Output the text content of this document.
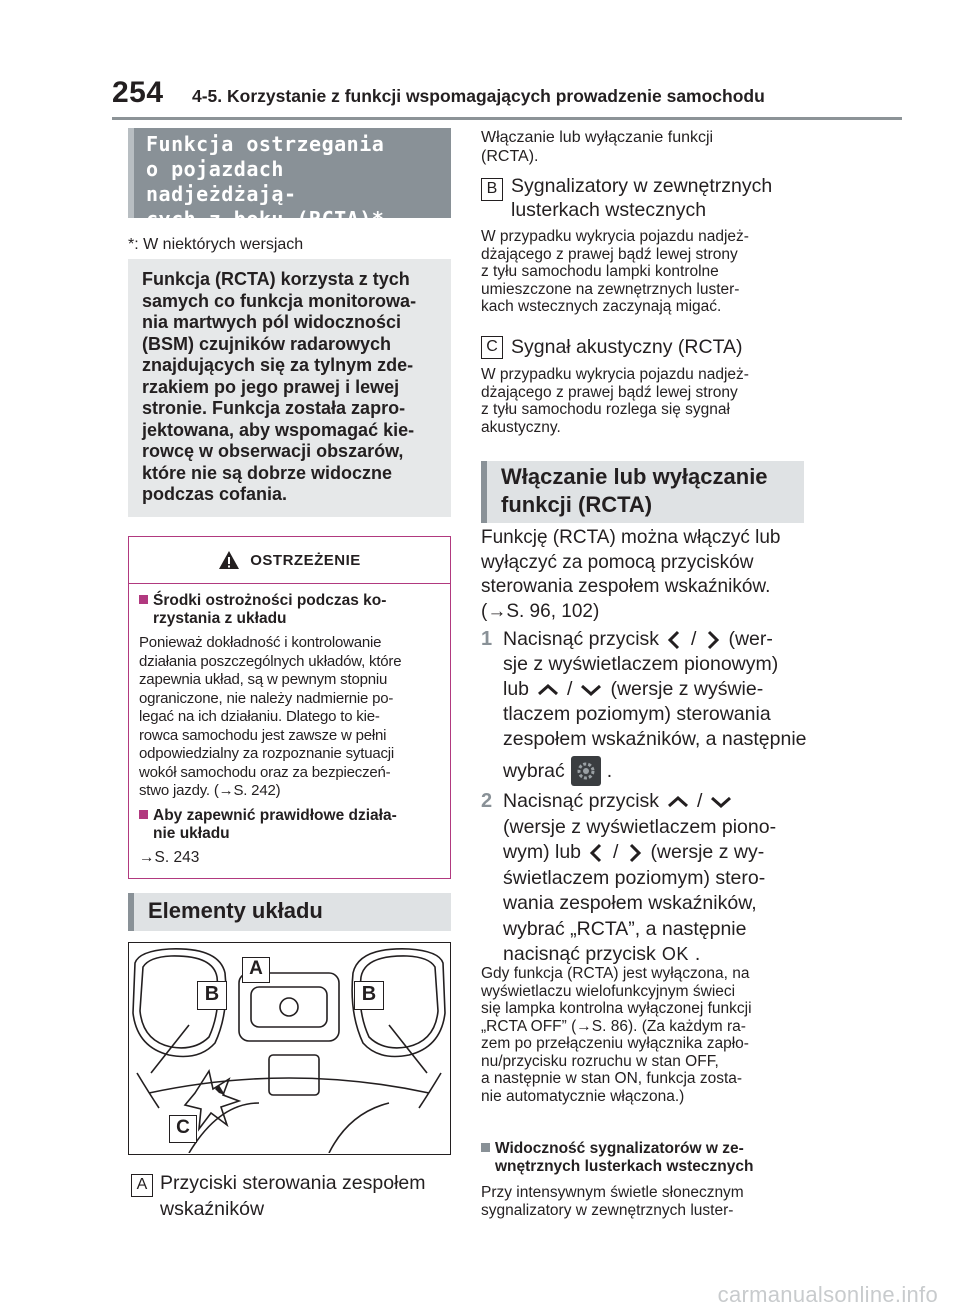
254 4-5. Korzystanie z funkcji wspomagających prowadzenie samochodu
Funkcja ostrzegania
o pojazdach nadjeżdżają-
cych z boku (RCTA)*
*: W niektórych wersjach
Funkcja (RCTA) korzysta z tych
samych co funkcja monitorowa-
nia martwych pól widoczności
(BSM) czujników radarowych
znajdujących się za tylnym zde-
rzakiem po jego prawej i lewej
stronie. Funkcja została zapro-
jektowana, aby wspomagać kie-
rowcę w obserwacji obszarów,
które nie są dobrze widoczne
podczas cofania.
OSTRZEŻENIE
Środki ostrożności podczas ko-
rzystania z układu
Ponieważ dokładność i kontrolowanie
działania poszczególnych układów, które
zapewnia układ, są w pewnym stopniu
ograniczone, nie należy nadmiernie po-
legać na ich działaniu. Dlatego to kie-
rowca samochodu jest zawsze w pełni
odpowiedzialny za rozpoznanie sytuacji
wokół samochodu oraz za bezpieczeń-
stwo jazdy. (→S. 242)
Aby zapewnić prawidłowe działa-
nie układu
→S. 243
Elementy układu
A
B	B
C
A Przyciski sterowania zespołem
wskaźników
Włączanie lub wyłączanie funkcji
(RCTA).
B Sygnalizatory w zewnętrznych
lusterkach wstecznych
W przypadku wykrycia pojazdu nadjeż-
dżającego z prawej bądź lewej strony
z tyłu samochodu lampki kontrolne
umieszczone na zewnętrznych luster-
kach wstecznych zaczynają migać.
C Sygnał akustyczny (RCTA)
W przypadku wykrycia pojazdu nadjeż-
dżającego z prawej bądź lewej strony
z tyłu samochodu rozlega się sygnał
akustyczny.
Włączanie lub wyłączanie
funkcji (RCTA)
Funkcję (RCTA) można włączyć lub
wyłączyć za pomocą przycisków
sterowania zespołem wskaźników.
(→S. 96, 102)
1 Nacisnąć przycisk / (wer-
sje z wyświetlaczem pionowym)
lub / (wersje z wyświe-
tlaczem poziomym) sterowania
zespołem wskaźników, a następnie
wybrać .
2 Nacisnąć przycisk /
(wersje z wyświetlaczem piono-
wym) lub / (wersje z wy-
świetlaczem poziomym) stero-
wania zespołem wskaźników,
wybrać „RCTA”, a następnie
nacisnąć przycisk OK .
Gdy funkcja (RCTA) jest wyłączona, na
wyświetlaczu wielofunkcyjnym świeci
się lampka kontrolna wyłączonej funkcji
„RCTA OFF” (→S. 86). (Za każdym ra-
zem po przełączeniu wyłącznika zapło-
nu/przycisku rozruchu w stan OFF,
a następnie w stan ON, funkcja zosta-
nie automatycznie włączona.)
Widoczność sygnalizatorów w ze-
wnętrznych lusterkach wstecznych
Przy intensywnym świetle słonecznym
sygnalizatory w zewnętrznych luster-
carmanualsonline.info
